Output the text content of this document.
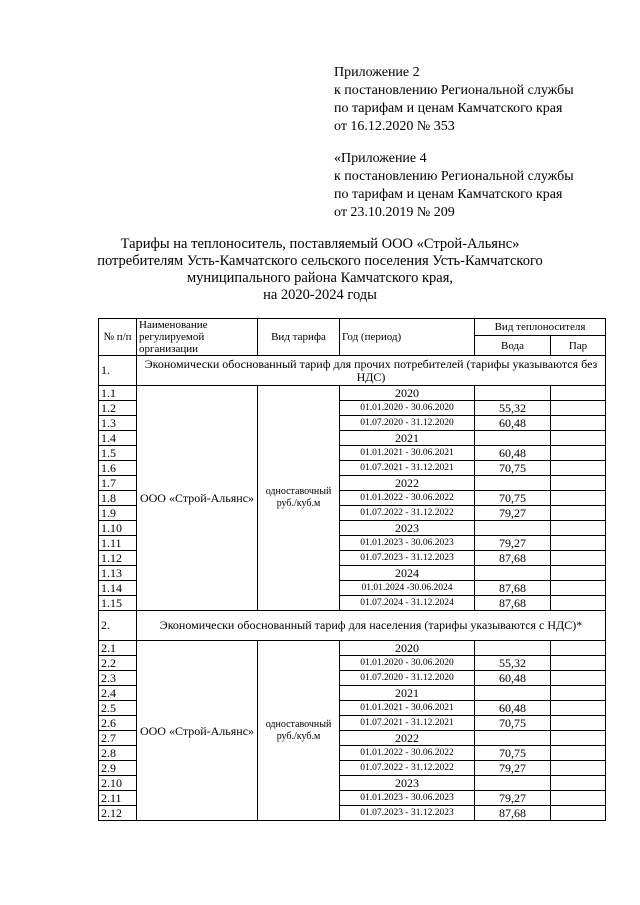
Приложение 2
к постановлению Региональной службы
по тарифам и ценам Камчатского края
от 16.12.2020 № 353
«Приложение 4
к постановлению Региональной службы
по тарифам и ценам Камчатского края
от 23.10.2019 № 209
Тарифы на теплоноситель, поставляемый ООО «Строй-Альянс»
потребителям Усть-Камчатского сельского поселения Усть-Камчатского
муниципального района Камчатского края,
на 2020-2024 годы
№ п/п	Наименование регулируемой организации	Вид тарифа	Год (период)	Вид теплоносителя	
				Вода	Пар
1.	Экономически обоснованный тариф для прочих потребителей (тарифы указываются без НДС)				
1.1	ООО «Строй-Альянс»	одноставочный руб./куб.м	2020		
1.2			01.01.2020 - 30.06.2020	55,32	
1.3			01.07.2020 - 31.12.2020	60,48	
1.4			2021		
1.5			01.01.2021 - 30.06.2021	60,48	
1.6			01.07.2021 - 31.12.2021	70,75	
1.7			2022		
1.8			01.01.2022 - 30.06.2022	70,75	
1.9			01.07.2022 - 31.12.2022	79,27	
1.10			2023		
1.11			01.01.2023 - 30.06.2023	79,27	
1.12			01.07.2023 - 31.12.2023	87,68	
1.13			2024		
1.14			01.01.2024 -30.06.2024	87,68	
1.15			01.07.2024 - 31.12.2024	87,68	
2.	Экономически обоснованный тариф для населения (тарифы указываются с НДС)*				
2.1	ООО «Строй-Альянс»	одноставочный руб./куб.м	2020		
2.2			01.01.2020 - 30.06.2020	55,32	
2.3			01.07.2020 - 31.12.2020	60,48	
2.4			2021		
2.5			01.01.2021 - 30.06.2021	60,48	
2.6			01.07.2021 - 31.12.2021	70,75	
2.7			2022		
2.8			01.01.2022 - 30.06.2022	70,75	
2.9			01.07.2022 - 31.12.2022	79,27	
2.10			2023		
2.11			01.01.2023 - 30.06.2023	79,27	
2.12			01.07.2023 - 31.12.2023	87,68	
